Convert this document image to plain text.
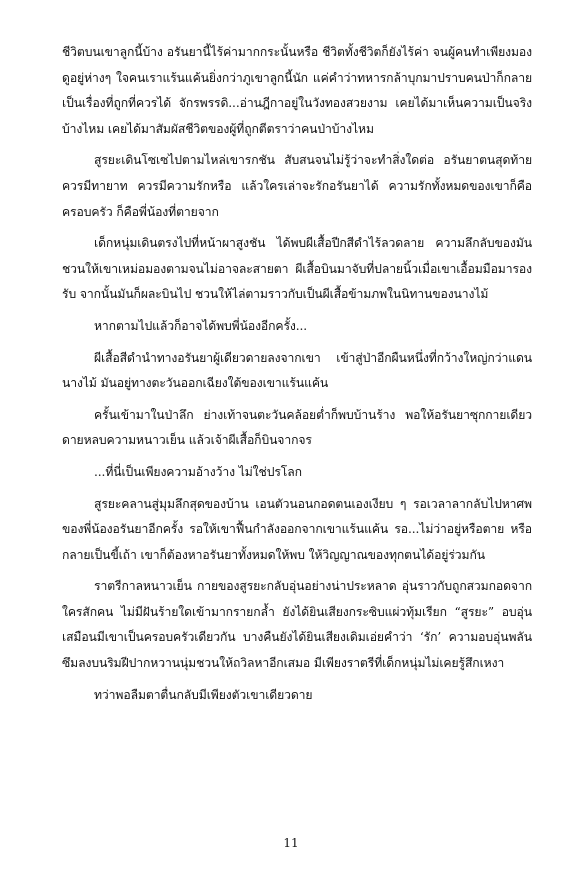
ชีวิตบนเขาลูกนี้บ้าง อรันยานี้ไร้ค่ามากกระนั้นหรือ ชีวิตทั้งชีวิตก็ยังไร้ค่า จนผู้คนทำเพียงมองดูอยู่ห่างๆ ใจคนเราแร้นแค้นยิ่งกว่าภูเขาลูกนี้นัก แค่คำว่าทหารกล้าบุกมาปราบคนป่าก็กลายเป็นเรื่องที่ถูกที่ควรได้ จักรพรรดิ...อ่านฎีกาอยู่ในวังทองสวยงาม เคยได้มาเห็นความเป็นจริงบ้างไหม เคยได้มาสัมผัสชีวิตของผู้ที่ถูกตีตราว่าคนป่าบ้างไหม

สูรยะเดินโซเซไปตามไหล่เขารกชัน สับสนจนไม่รู้ว่าจะทำสิ่งใดต่อ อรันยาตนสุดท้ายควรมีทายาท ควรมีความรักหรือ แล้วใครเล่าจะรักอรันยาได้ ความรักทั้งหมดของเขาก็คือครอบครัว ก็คือพี่น้องที่ตายจาก

เด็กหนุ่มเดินตรงไปที่หน้าผาสูงชัน ได้พบผีเสื้อปีกสีดำไร้ลวดลาย ความลึกลับของมันชวนให้เขาเหม่อมองตามจนไม่อาจละสายตา ผีเสื้อบินมาจับที่ปลายนิ้วเมื่อเขาเอื้อมมือมารองรับ จากนั้นมันก็ผละบินไป ชวนให้ไล่ตามราวกับเป็นผีเสื้อข้ามภพในนิทานของนางไม้

หากตามไปแล้วก็อาจได้พบพี่น้องอีกครั้ง...

ผีเสื้อสีดำนำทางอรันยาผู้เดียวดายลงจากเขา เข้าสู่ป่าอีกผืนหนึ่งที่กว้างใหญ่กว่าแดนนางไม้ มันอยู่ทางตะวันออกเฉียงใต้ของเขาแร้นแค้น

ครั้นเข้ามาในป่าลึก ย่างเท้าจนตะวันคล้อยต่ำก็พบบ้านร้าง พอให้อรันยาซุกกายเดียวดายหลบความหนาวเย็น แล้วเจ้าผีเสื้อก็บินจากจร

...ที่นี่เป็นเพียงความอ้างว้าง ไม่ใช่ปรโลก

สูรยะคลานสู่มุมลึกสุดของบ้าน เอนตัวนอนกอดตนเองเงียบ ๆ รอเวลาลากลับไปหาศพของพี่น้องอรันยาอีกครั้ง รอให้เขาฟื้นกำลังออกจากเขาแร้นแค้น รอ...ไม่ว่าอยู่หรือตาย หรือกลายเป็นขี้เถ้า เขาก็ต้องหาอรันยาทั้งหมดให้พบ ให้วิญญาณของทุกตนได้อยู่ร่วมกัน

ราตรีกาลหนาวเย็น กายของสูรยะกลับอุ่นอย่างน่าประหลาด อุ่นราวกับถูกสวมกอดจากใครสักคน ไม่มีฝันร้ายใดเข้ามากรายกล้ำ ยังได้ยินเสียงกระซิบแผ่วทุ้มเรียก “สูรยะ” อบอุ่นเสมือนมีเขาเป็นครอบครัวเดียวกัน บางคืนยังได้ยินเสียงเดิมเอ่ยคำว่า ‘รัก’ ความอบอุ่นพลันซึมลงบนริมฝีปากหวานนุ่มชวนให้ถวิลหาอีกเสมอ มีเพียงราตรีที่เด็กหนุ่มไม่เคยรู้สึกเหงา

ทว่าพอลืมตาตื่นกลับมีเพียงตัวเขาเดียวดาย

11
